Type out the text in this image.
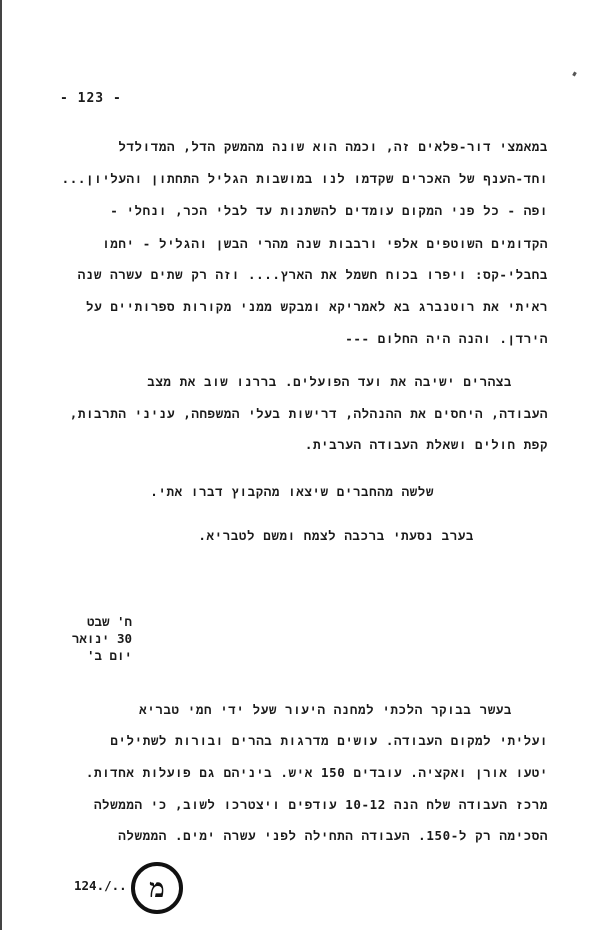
- 123 -
במאמצי דור-פלאים זה, וכמה הוא שונה מהמשק הדל, המדולדל
וחד-הענף של האכרים שקדמו לנו במושבות הגליל התחתון והעליון...
ופה - כל פני המקום עומדים להשתנות עד לבלי הכר, ונחלי -
הקדומים השוטפים אלפי ורבבות שנה מהרי הבשן והגליל - יחמו
בחבלי-קס: ויפרו בכוח חשמל את הארץ.... וזה רק שתים עשרה שנה
ראיתי את רוטנברג בא לאמריקא ומבקש ממני מקורות ספרותיים על
הירדן. והנה היה החלום ---
בצהרים ישיבה את ועד הפועלים. בררנו שוב את מצב
העבודה, היחסים את ההנהלה, דרישות בעלי המשפחה, עניני התרבות,
קפת חולים ושאלת העבודה הערבית.
שלשה מהחברים שיצאו מהקבוץ דברו אתי.
בערב נסעתי ברכבה לצמח ומשם לטבריא.
ח' שבט
30 ינואר
יום ב'
בעשר בבוקר הלכתי למחנה היעור שעל ידי חמי טבריא
ועליתי למקום העבודה. עושים מדרגות בהרים ובורות לשתילים
יטעו אורן ואקציה. עובדים 150 איש. ביניהם גם פועלות אחדות.
מרכז העבודה שלח הנה 10-12 עודפים ויצטרכו לשוב, כי הממשלה
הסכימה רק ל-150. העבודה התחילה לפני עשרה ימים. הממשלה
124./.. מ
